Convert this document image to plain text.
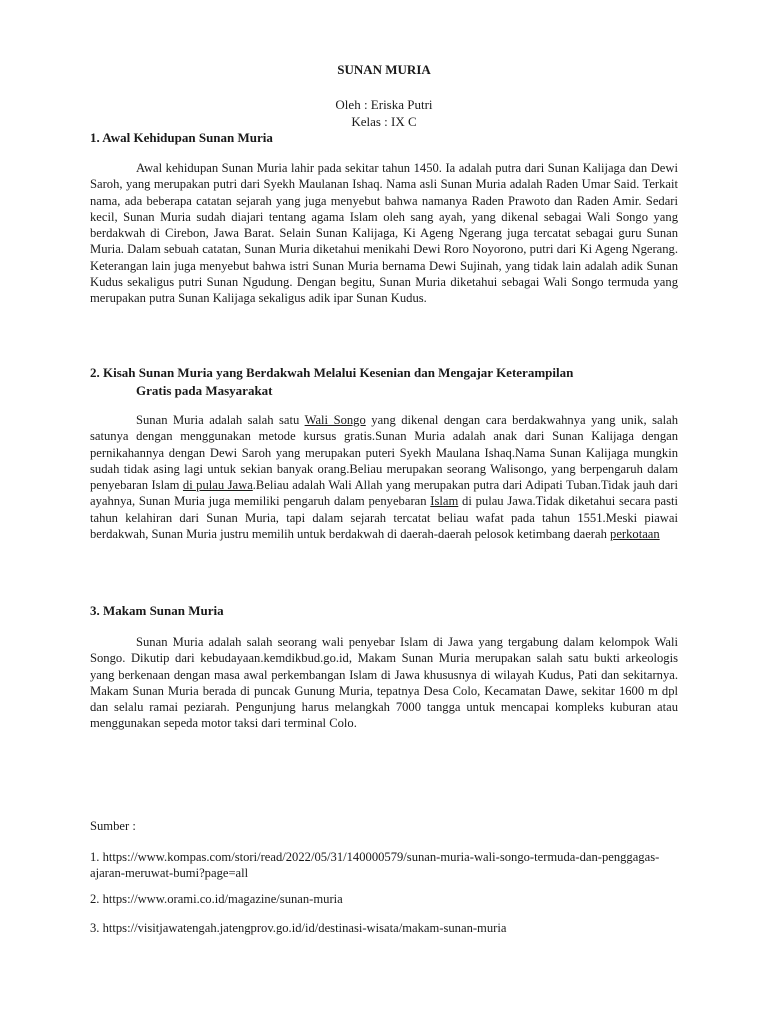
SUNAN MURIA
Oleh : Eriska Putri
Kelas : IX C
1. Awal Kehidupan Sunan Muria

Awal kehidupan Sunan Muria lahir pada sekitar tahun 1450. Ia adalah putra dari Sunan Kalijaga dan Dewi Saroh, yang merupakan putri dari Syekh Maulanan Ishaq. Nama asli Sunan Muria adalah Raden Umar Said. Terkait nama, ada beberapa catatan sejarah yang juga menyebut bahwa namanya Raden Prawoto dan Raden Amir. Sedari kecil, Sunan Muria sudah diajari tentang agama Islam oleh sang ayah, yang dikenal sebagai Wali Songo yang berdakwah di Cirebon, Jawa Barat. Selain Sunan Kalijaga, Ki Ageng Ngerang juga tercatat sebagai guru Sunan Muria. Dalam sebuah catatan, Sunan Muria diketahui menikahi Dewi Roro Noyorono, putri dari Ki Ageng Ngerang. Keterangan lain juga menyebut bahwa istri Sunan Muria bernama Dewi Sujinah, yang tidak lain adalah adik Sunan Kudus sekaligus putri Sunan Ngudung. Dengan begitu, Sunan Muria diketahui sebagai Wali Songo termuda yang merupakan putra Sunan Kalijaga sekaligus adik ipar Sunan Kudus.

2. Kisah Sunan Muria yang Berdakwah Melalui Kesenian dan Mengajar Keterampilan
Gratis pada Masyarakat

Sunan Muria adalah salah satu Wali Songo yang dikenal dengan cara berdakwahnya yang unik, salah satunya dengan menggunakan metode kursus gratis.Sunan Muria adalah anak dari Sunan Kalijaga dengan pernikahannya dengan Dewi Saroh yang merupakan puteri Syekh Maulana Ishaq.Nama Sunan Kalijaga mungkin sudah tidak asing lagi untuk sekian banyak orang.Beliau merupakan seorang Walisongo, yang berpengaruh dalam penyebaran Islam di pulau Jawa.Beliau adalah Wali Allah yang merupakan putra dari Adipati Tuban.Tidak jauh dari ayahnya, Sunan Muria juga memiliki pengaruh dalam penyebaran Islam di pulau Jawa.Tidak diketahui secara pasti tahun kelahiran dari Sunan Muria, tapi dalam sejarah tercatat beliau wafat pada tahun 1551.Meski piawai berdakwah, Sunan Muria justru memilih untuk berdakwah di daerah-daerah pelosok ketimbang daerah perkotaan

3. Makam Sunan Muria

Sunan Muria adalah salah seorang wali penyebar Islam di Jawa yang tergabung dalam kelompok Wali Songo. Dikutip dari kebudayaan.kemdikbud.go.id, Makam Sunan Muria merupakan salah satu bukti arkeologis yang berkenaan dengan masa awal perkembangan Islam di Jawa khususnya di wilayah Kudus, Pati dan sekitarnya. Makam Sunan Muria berada di puncak Gunung Muria, tepatnya Desa Colo, Kecamatan Dawe, sekitar 1600 m dpl dan selalu ramai peziarah. Pengunjung harus melangkah 7000 tangga untuk mencapai kompleks kuburan atau menggunakan sepeda motor taksi dari terminal Colo.

Sumber :
1. https://www.kompas.com/stori/read/2022/05/31/140000579/sunan-muria-wali-songo-termuda-dan-penggagas-ajaran-meruwat-bumi?page=all
2. https://www.orami.co.id/magazine/sunan-muria
3. https://visitjawatengah.jatengprov.go.id/id/destinasi-wisata/makam-sunan-muria
